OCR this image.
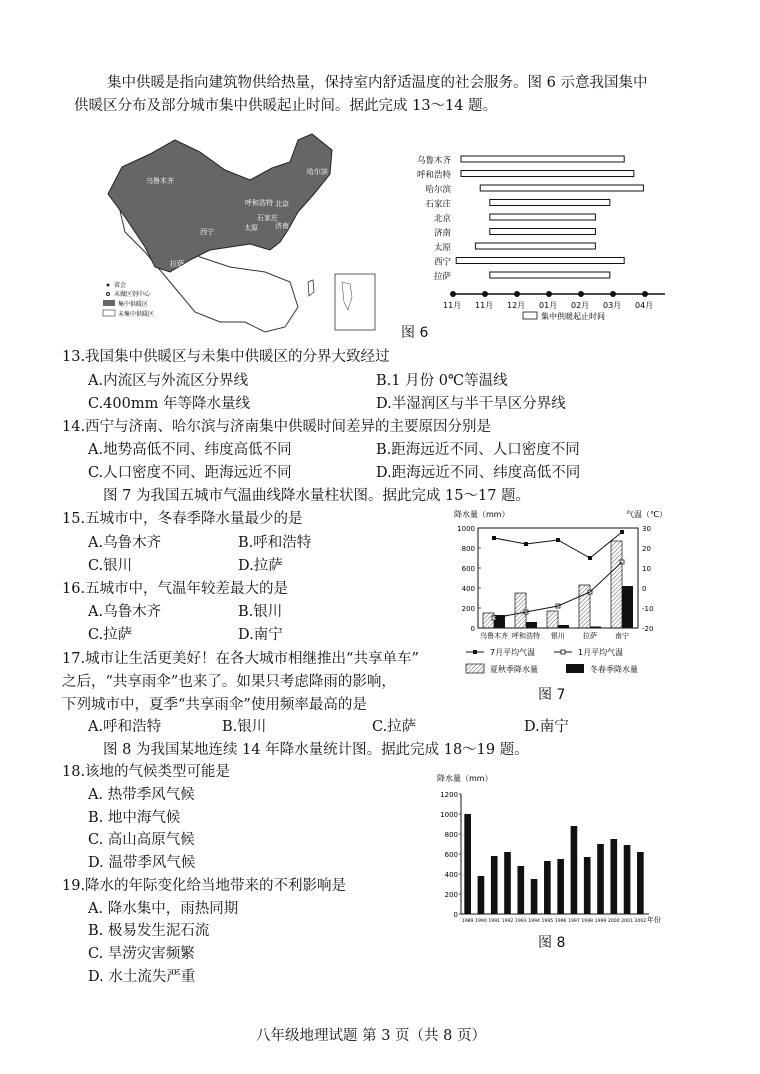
集中供暖是指向建筑物供给热量，保持室内舒适温度的社会服务。图 6 示意我国集中
供暖区分布及部分城市集中供暖起止时间。据此完成 13～14 题。
乌鲁木齐
哈尔滨
呼和浩特 北京
石家庄
太原 济南
西宁
拉萨
省会
未做区别中心
集中供暖区
未集中供暖区
乌鲁木齐
呼和浩特
哈尔滨
石家庄
北京
济南
太原
西宁
拉萨
11月 11月 12月 01月 02月 03月 04月
集中供暖起止时间
图 6
13.我国集中供暖区与未集中供暖区的分界大致经过
A.内流区与外流区分界线	B.1 月份 0℃等温线
C.400mm 年等降水量线	D.半湿润区与半干旱区分界线
14.西宁与济南、哈尔滨与济南集中供暖时间差异的主要原因分别是
A.地势高低不同、纬度高低不同	B.距海远近不同、人口密度不同
C.人口密度不同、距海远近不同	D.距海远近不同、纬度高低不同
图 7 为我国五城市气温曲线降水量柱状图。据此完成 15～17 题。
15.五城市中，冬春季降水量最少的是
A.乌鲁木齐	B.呼和浩特
C.银川	D.拉萨
16.五城市中，气温年较差最大的是
A.乌鲁木齐	B.银川
C.拉萨	D.南宁
降水量（mm）	气温（℃）
1000
800
600
400
200
0
30
20
10
0
-10
-20
乌鲁木齐 呼和浩特 银川	拉萨	南宁
7月平均气温	1月平均气温
夏秋季降水量	冬春季降水量
图 7
17.城市让生活更美好！在各大城市相继推出“共享单车”
之后，“共享雨伞”也来了。如果只考虑降雨的影响，
下列城市中，夏季“共享雨伞”使用频率最高的是
A.呼和浩特	B.银川	C.拉萨	D.南宁
图 8 为我国某地连续 14 年降水量统计图。据此完成 18～19 题。
18.该地的气候类型可能是
A. 热带季风气候
B. 地中海气候
C. 高山高原气候
D. 温带季风气候
19.降水的年际变化给当地带来的不利影响是
A. 降水集中，雨热同期
B. 极易发生泥石流
C. 旱涝灾害频繁
D. 水土流失严重
降水量（mm）
1200
1000
800
600
400
200
0
1989 1990 1991 1992 1993 1994 1995 1996 1997 1998 1999 2000 2001 2002 年份
图 8
八年级地理试题 第 3 页（共 8 页）
